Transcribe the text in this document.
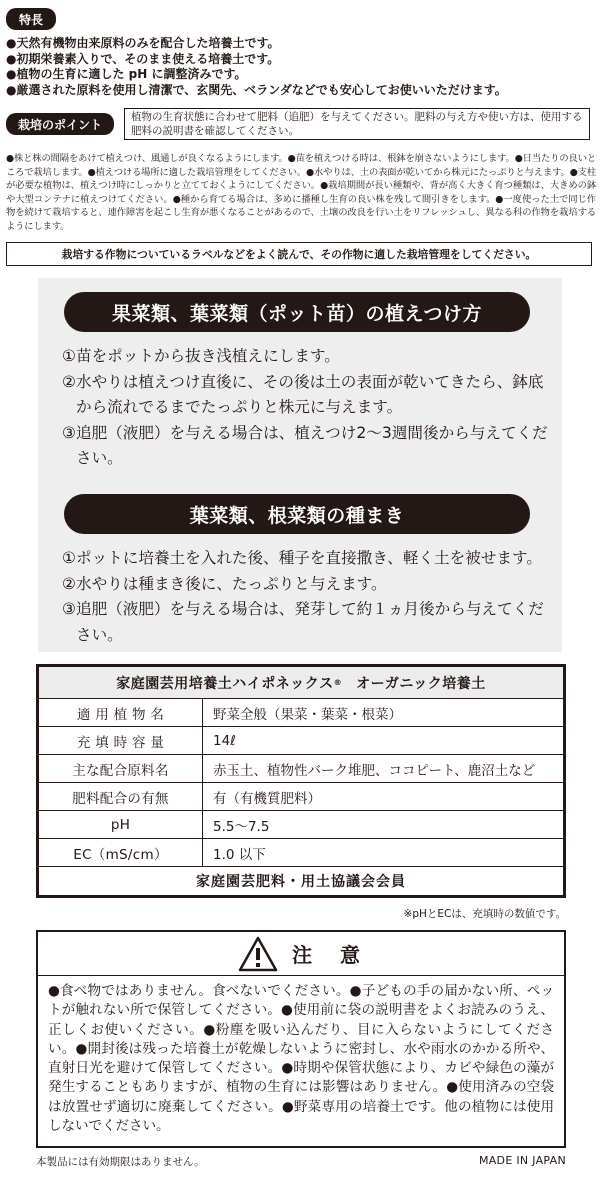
特長
●天然有機物由来原料のみを配合した培養土です。
●初期栄養素入りで、そのまま使える培養土です。
●植物の生育に適した pH に調整済みです。
●厳選された原料を使用し清潔で、玄関先、ベランダなどでも安心してお使いいただけます。
栽培のポイント
植物の生育状態に合わせて肥料（追肥）を与えてください。肥料の与え方や使い方は、使用する肥料の説明書を確認してください。
●株と株の間隔をあけて植えつけ、風通しが良くなるようにします。●苗を植えつける時は、根鉢を崩さないようにします。●日当たりの良いところで栽培します。●植えつける場所に適した栽培管理をしてください。●水やりは、土の表面が乾いてから株元にたっぷりと与えます。●支柱が必要な植物は、植えつけ時にしっかりと立てておくようにしてください。●栽培期間が長い種類や、背が高く大きく育つ種類は、大きめの鉢や大型コンテナに植えつけてください。●種から育てる場合は、多めに播種し生育の良い株を残して間引きをします。●一度使った土で同じ作物を続けて栽培すると、連作障害を起こし生育が悪くなることがあるので、土壌の改良を行い土をリフレッシュし、異なる科の作物を栽培するようにします。
栽培する作物についているラベルなどをよく読んで、その作物に適した栽培管理をしてください。
果菜類、葉菜類（ポット苗）の植えつけ方
① 苗をポットから抜き浅植えにします。
② 水やりは植えつけ直後に、その後は土の表面が乾いてきたら、鉢底から流れでるまでたっぷりと株元に与えます。
③ 追肥（液肥）を与える場合は、植えつけ2〜3週間後から与えてください。
葉菜類、根菜類の種まき
① ポットに培養土を入れた後、種子を直接撒き、軽く土を被せます。
② 水やりは種まき後に、たっぷりと与えます。
③ 追肥（液肥）を与える場合は、発芽して約１ヵ月後から与えてください。
家庭園芸用培養土ハイポネックス ® オーガニック培養土
適 用 植 物 名	野菜全般（果菜・葉菜・根菜）
充 填 時 容 量	14ℓ
主な配合原料名	赤玉土、植物性バーク堆肥、ココピート、鹿沼土など
肥料配合の有無	有（有機質肥料）
pH	5.5〜7.5
EC（mS/cm）	1.0 以下
家庭園芸肥料・用土協議会会員
※pHとECは、充填時の数値です。
注　意
●食べ物ではありません。食べないでください。●子どもの手の届かない所、ペットが触れない所で保管してください。●使用前に袋の説明書をよくお読みのうえ、正しくお使いください。●粉塵を吸い込んだり、目に入らないようにしてください。●開封後は残った培養土が乾燥しないように密封し、水や雨水のかかる所や、直射日光を避けて保管してください。●時期や保管状態により、カビや緑色の藻が発生することもありますが、植物の生育には影響はありません。●使用済みの空袋は放置せず適切に廃棄してください。●野菜専用の培養土です。他の植物には使用しないでください。
本製品には有効期限はありません。	MADE IN JAPAN
